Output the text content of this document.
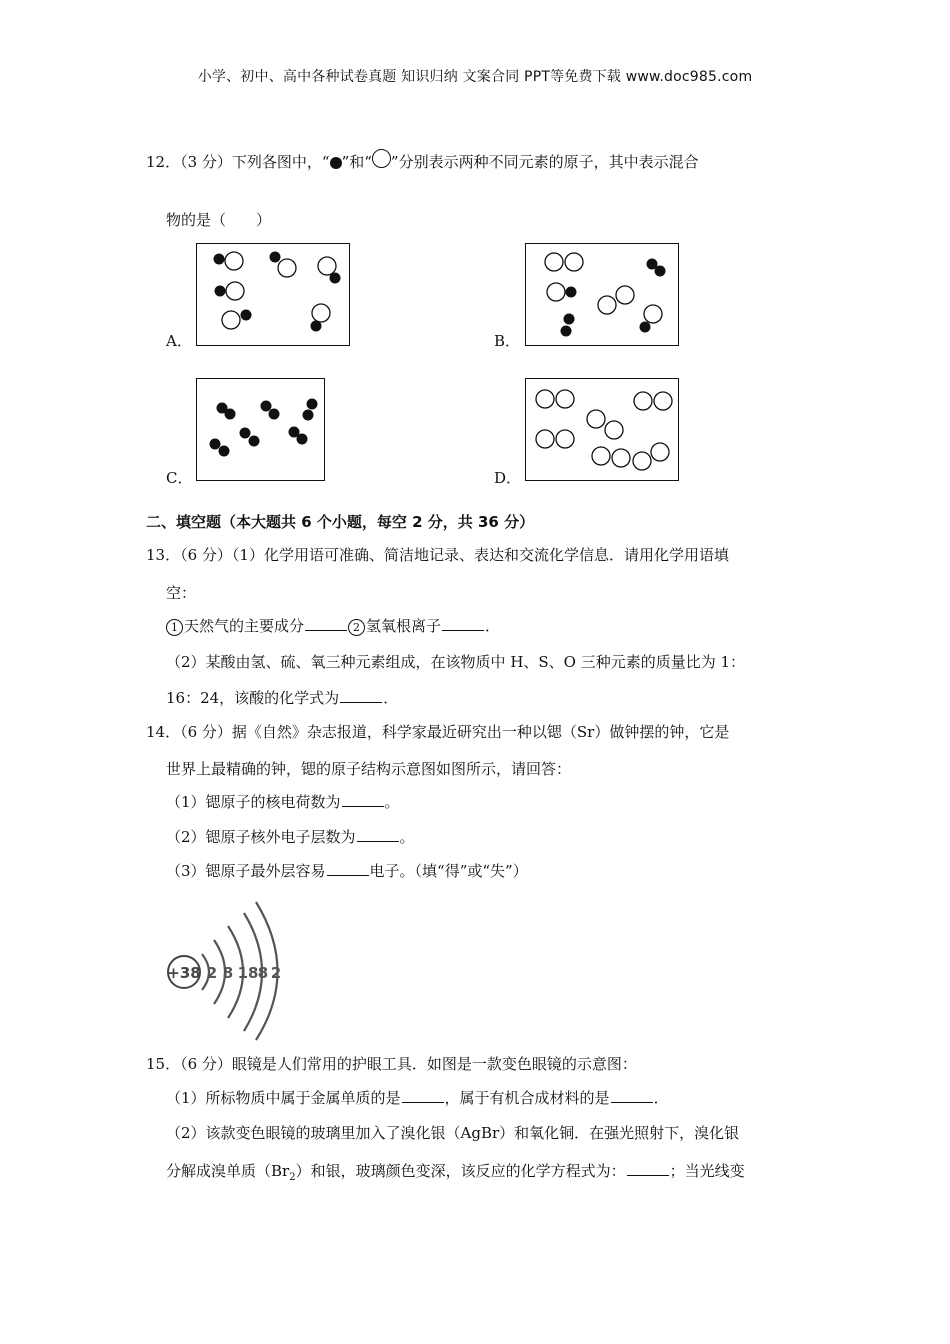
小学、初中、高中各种试卷真题 知识归纳 文案合同 PPT等免费下载 www.doc985.com
12．（3 分）下列各图中，“ ”和“ ”分别表示两种不同元素的原子，其中表示混合
物的是（　　）
A．	B．
C．	D．
二、填空题（本大题共 6 个小题，每空 2 分，共 36 分）
13．（6 分）（1）化学用语可准确、简洁地记录、表达和交流化学信息．请用化学用语填
空：
1 天然气的主要成分	2 氢氧根离子	．
（2）某酸由氢、硫、氧三种元素组成，在该物质中 H、S、O 三种元素的质量比为 1：
16：24，该酸的化学式为	．
14．（6 分）据《自然》杂志报道，科学家最近研究出一种以锶（Sr）做钟摆的钟，它是
世界上最精确的钟，锶的原子结构示意图如图所示，请回答：
（1）锶原子的核电荷数为	。
（2）锶原子核外电子层数为	。
（3）锶原子最外层容易	电子。（填“得”或“失”）
+38 2 8 18 8 2
15．（6 分）眼镜是人们常用的护眼工具．如图是一款变色眼镜的示意图：
（1）所标物质中属于金属单质的是	，属于有机合成材料的是	．
（2）该款变色眼镜的玻璃里加入了溴化银（AgBr）和氧化铜．在强光照射下，溴化银
分解成溴单质$(Br_2)$和银，玻璃颜色变深，该反应的化学方程式为：	；当光线变
